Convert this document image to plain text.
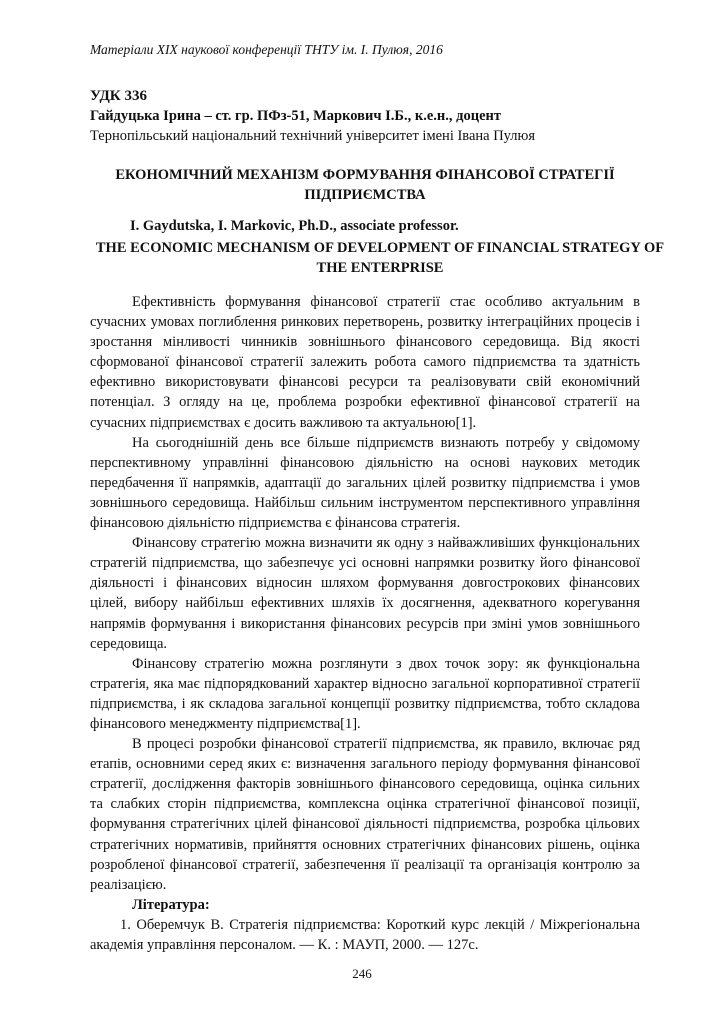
Матеріали XIX наукової конференції ТНТУ ім. І. Пулюя, 2016
УДК 336
Гайдуцька Ірина – ст. гр. ПФз-51, Маркович І.Б., к.е.н., доцент
Тернопільський національний технічний університет імені Івана Пулюя
ЕКОНОМІЧНИЙ МЕХАНІЗМ ФОРМУВАННЯ ФІНАНСОВОЇ СТРАТЕГІЇ ПІДПРИЄМСТВА
I. Gaydutska, I. Markovic, Ph.D., associate professor.
THE ECONOMIC MECHANISM OF DEVELOPMENT OF FINANCIAL STRATEGY OF THE ENTERPRISE

Ефективність формування фінансової стратегії стає особливо актуальним в сучасних умовах поглиблення ринкових перетворень, розвитку інтеграційних процесів і зростання мінливості чинників зовнішнього фінансового середовища. Від якості сформованої фінансової стратегії залежить робота самого підприємства та здатність ефективно використовувати фінансові ресурси та реалізовувати свій економічний потенціал. З огляду на це, проблема розробки ефективної фінансової стратегії на сучасних підприємствах є досить важливою та актуальною[1].

На сьогоднішній день все більше підприємств визнають потребу у свідомому перспективному управлінні фінансовою діяльністю на основі наукових методик передбачення її напрямків, адаптації до загальних цілей розвитку підприємства і умов зовнішнього середовища. Найбільш сильним інструментом перспективного управління фінансовою діяльністю підприємства є фінансова стратегія.

Фінансову стратегію можна визначити як одну з найважливіших функціональних стратегій підприємства, що забезпечує усі основні напрямки розвитку його фінансової діяльності і фінансових відносин шляхом формування довгострокових фінансових цілей, вибору найбільш ефективних шляхів їх досягнення, адекватного корегування напрямів формування і використання фінансових ресурсів при зміні умов зовнішнього середовища.

Фінансову стратегію можна розглянути з двох точок зору: як функціональна стратегія, яка має підпорядкований характер відносно загальної корпоративної стратегії підприємства, і як складова загальної концепції розвитку підприємства, тобто складова фінансового менеджменту підприємства[1].

В процесі розробки фінансової стратегії підприємства, як правило, включає ряд етапів, основними серед яких є: визначення загального періоду формування фінансової стратегії, дослідження факторів зовнішнього фінансового середовища, оцінка сильних та слабких сторін підприємства, комплексна оцінка стратегічної фінансової позиції, формування стратегічних цілей фінансової діяльності підприємства, розробка цільових стратегічних нормативів, прийняття основних стратегічних фінансових рішень, оцінка розробленої фінансової стратегії, забезпечення її реалізації та організація контролю за реалізацією.

Література:
1. Оберемчук В. Стратегія підприємства: Короткий курс лекцій / Міжрегіональна академія управління персоналом. — К. : МАУП, 2000. — 127с.
246
